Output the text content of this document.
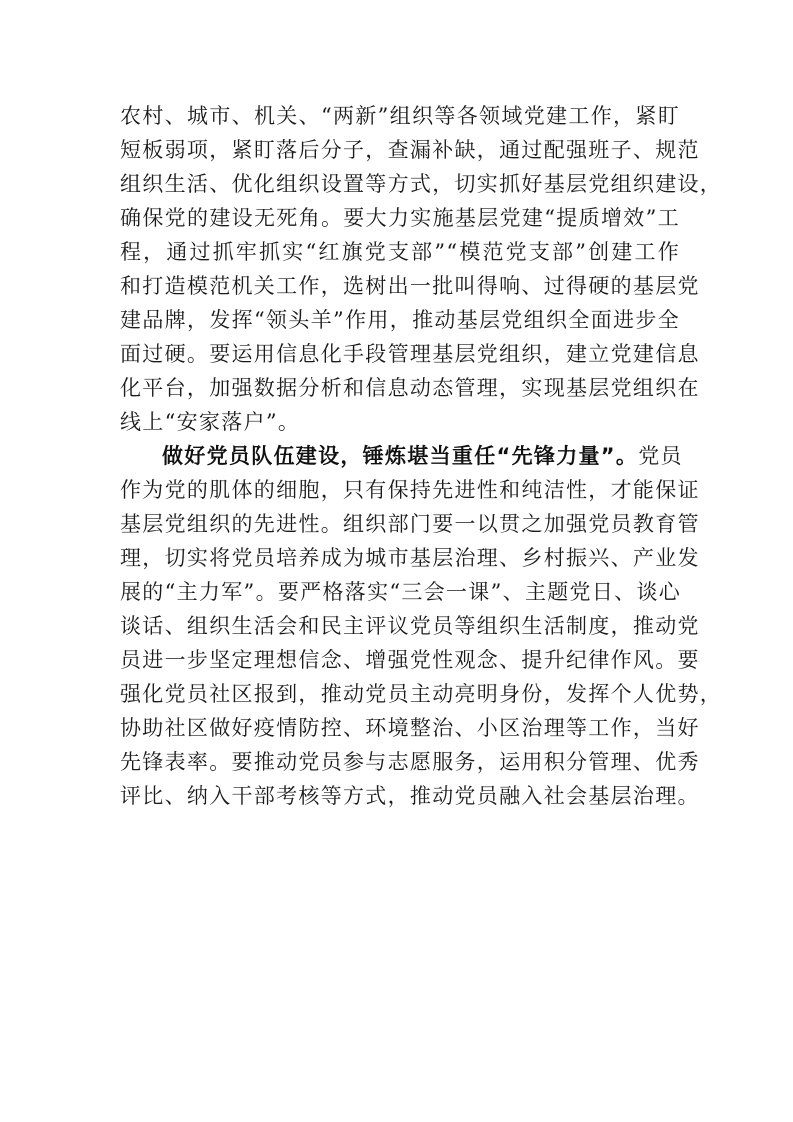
农村、城市、机关、“两新”组织等各领域党建工作，紧盯
短板弱项，紧盯落后分子，查漏补缺，通过配强班子、规范
组织生活、优化组织设置等方式，切实抓好基层党组织建设，
确保党的建设无死角。要大力实施基层党建“提质增效”工
程，通过抓牢抓实“红旗党支部”“模范党支部”创建工作
和打造模范机关工作，选树出一批叫得响、过得硬的基层党
建品牌，发挥“领头羊”作用，推动基层党组织全面进步全
面过硬。要运用信息化手段管理基层党组织，建立党建信息
化平台，加强数据分析和信息动态管理，实现基层党组织在
线上“安家落户”。
做好党员队伍建设，锤炼堪当重任“先锋力量”。党员
作为党的肌体的细胞，只有保持先进性和纯洁性，才能保证
基层党组织的先进性。组织部门要一以贯之加强党员教育管
理，切实将党员培养成为城市基层治理、乡村振兴、产业发
展的“主力军”。要严格落实“三会一课”、主题党日、谈心
谈话、组织生活会和民主评议党员等组织生活制度，推动党
员进一步坚定理想信念、增强党性观念、提升纪律作风。要
强化党员社区报到，推动党员主动亮明身份，发挥个人优势，
协助社区做好疫情防控、环境整治、小区治理等工作，当好
先锋表率。要推动党员参与志愿服务，运用积分管理、优秀
评比、纳入干部考核等方式，推动党员融入社会基层治理。
